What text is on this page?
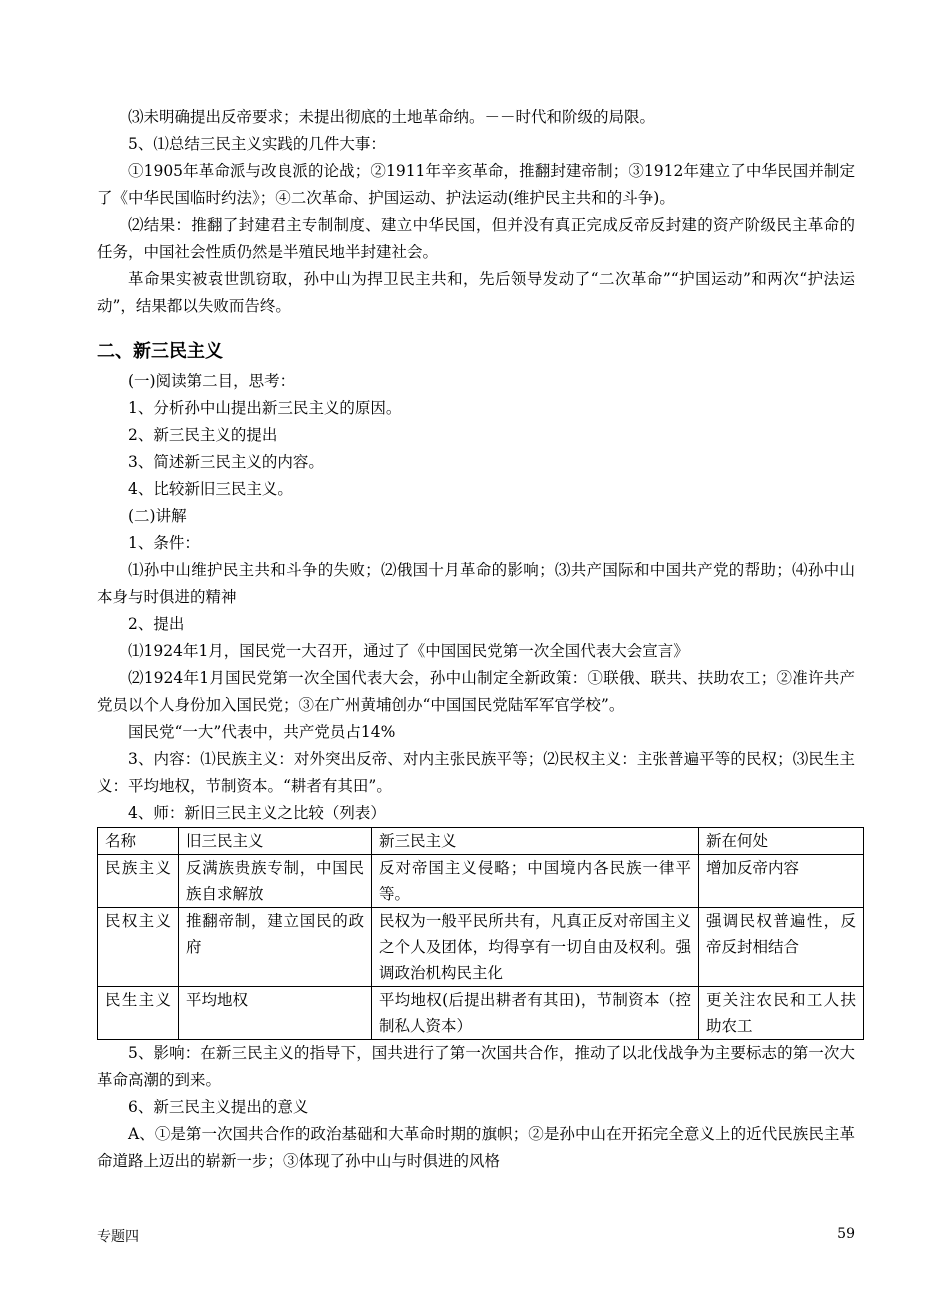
⑶未明确提出反帝要求；未提出彻底的土地革命纳。－－时代和阶级的局限。

5、⑴总结三民主义实践的几件大事：

①1905年革命派与改良派的论战；②1911年辛亥革命，推翻封建帝制；③1912年建立了中华民国并制定了《中华民国临时约法》；④二次革命、护国运动、护法运动(维护民主共和的斗争)。

⑵结果：推翻了封建君主专制制度、建立中华民国，但并没有真正完成反帝反封建的资产阶级民主革命的任务，中国社会性质仍然是半殖民地半封建社会。

革命果实被袁世凯窃取，孙中山为捍卫民主共和，先后领导发动了“二次革命”“护国运动”和两次“护法运动”，结果都以失败而告终。

二、新三民主义

(一)阅读第二目，思考：

1、分析孙中山提出新三民主义的原因。

2、新三民主义的提出

3、简述新三民主义的内容。

4、比较新旧三民主义。

(二)讲解

1、条件：

⑴孙中山维护民主共和斗争的失败；⑵俄国十月革命的影响；⑶共产国际和中国共产党的帮助；⑷孙中山本身与时俱进的精神

2、提出

⑴1924年1月，国民党一大召开，通过了《中国国民党第一次全国代表大会宣言》

⑵1924年1月国民党第一次全国代表大会，孙中山制定全新政策：①联俄、联共、扶助农工；②准许共产党员以个人身份加入国民党；③在广州黄埔创办“中国国民党陆军军官学校”。

国民党“一大”代表中，共产党员占14%

3、内容：⑴民族主义：对外突出反帝、对内主张民族平等；⑵民权主义：主张普遍平等的民权；⑶民生主义：平均地权，节制资本。“耕者有其田”。

4、师：新旧三民主义之比较（列表）

名称	旧三民主义	新三民主义	新在何处
民族主义	反满族贵族专制，中国民族自求解放	反对帝国主义侵略；中国境内各民族一律平等。	增加反帝内容
民权主义	推翻帝制，建立国民的政府	民权为一般平民所共有，凡真正反对帝国主义之个人及团体，均得享有一切自由及权利。强调政治机构民主化	强调民权普遍性，反帝反封相结合
民生主义	平均地权	平均地权(后提出耕者有其田)，节制资本（控制私人资本）	更关注农民和工人扶助农工

5、影响：在新三民主义的指导下，国共进行了第一次国共合作，推动了以北伐战争为主要标志的第一次大革命高潮的到来。

6、新三民主义提出的意义

A、①是第一次国共合作的政治基础和大革命时期的旗帜；②是孙中山在开拓完全意义上的近代民族民主革命道路上迈出的崭新一步；③体现了孙中山与时俱进的风格

专题四	59
